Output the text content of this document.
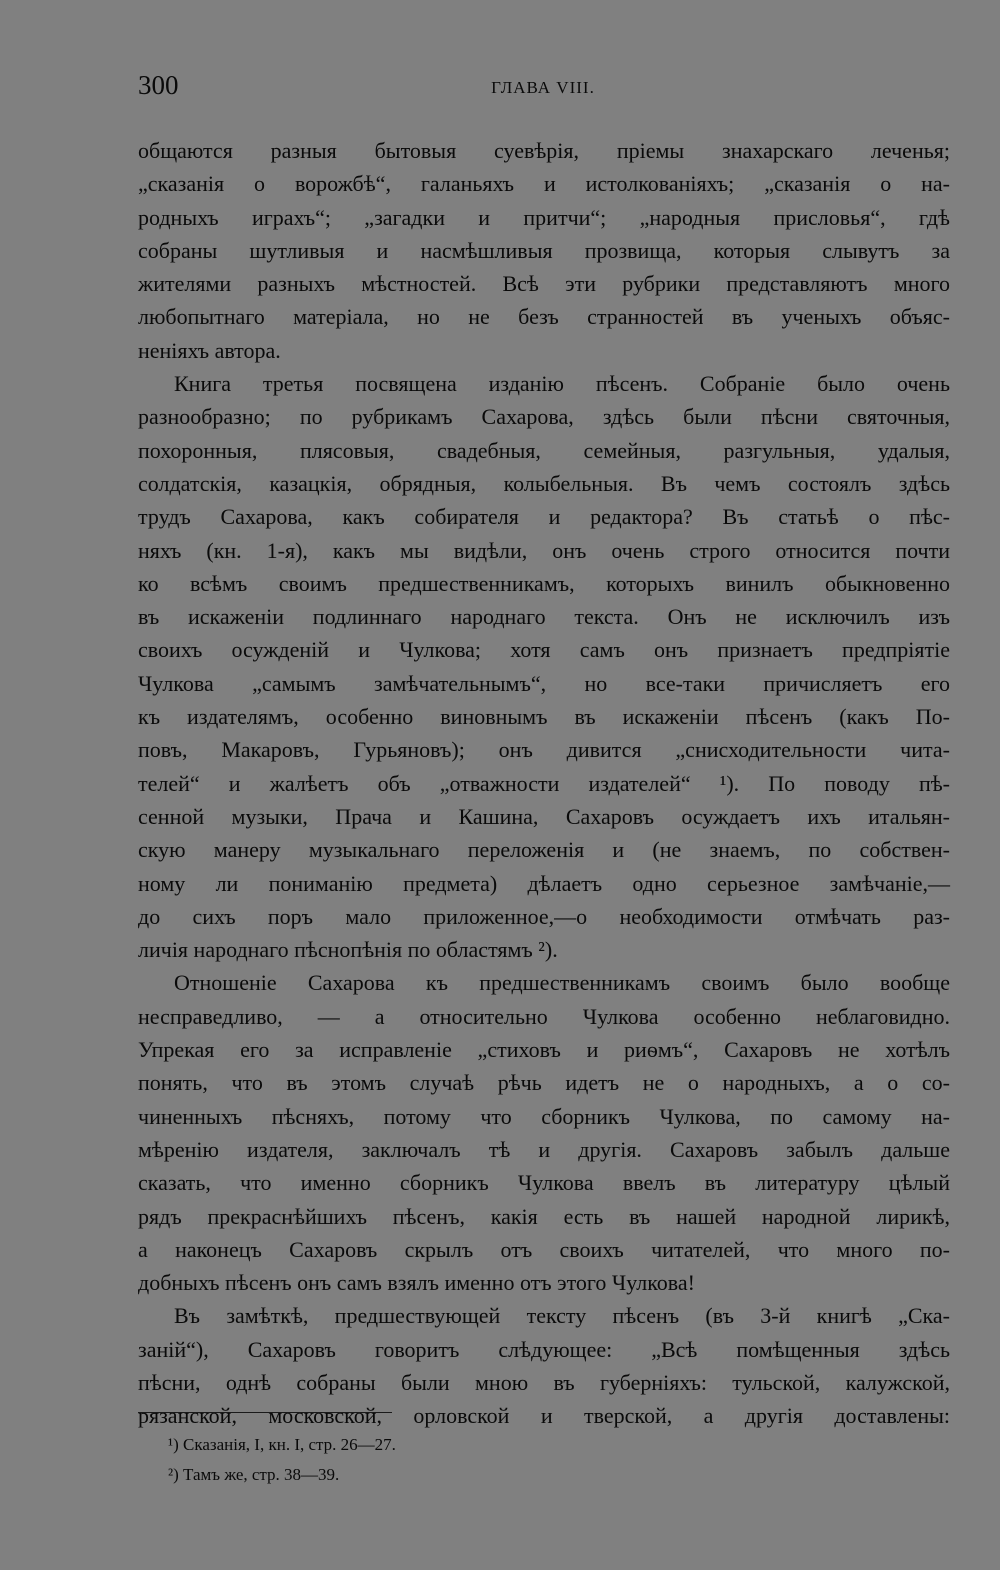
300	ГЛАВА VIII.
общаются разныя бытовыя суевѣрія, пріемы знахарскаго леченья;
„сказанія о ворожбѣ“, галаньяхъ и истолкованіяхъ; „сказанія о на-
родныхъ играхъ“; „загадки и притчи“; „народныя присловья“, гдѣ
собраны шутливыя и насмѣшливыя прозвища, которыя слывутъ за
жителями разныхъ мѣстностей. Всѣ эти рубрики представляютъ много
любопытнаго матеріала, но не безъ странностей въ ученыхъ объяс-
неніяхъ автора.
Книга третья посвящена изданію пѣсенъ. Собраніе было очень
разнообразно; по рубрикамъ Сахарова, здѣсь были пѣсни святочныя,
похоронныя, плясовыя, свадебныя, семейныя, разгульныя, удалыя,
солдатскія, казацкія, обрядныя, колыбельныя. Въ чемъ состоялъ здѣсь
трудъ Сахарова, какъ собирателя и редактора? Въ статьѣ о пѣс-
няхъ (кн. 1-я), какъ мы видѣли, онъ очень строго относится почти
ко всѣмъ своимъ предшественникамъ, которыхъ винилъ обыкновенно
въ искаженіи подлиннаго народнаго текста. Онъ не исключилъ изъ
своихъ осужденій и Чулкова; хотя самъ онъ признаетъ предпріятіе
Чулкова „самымъ замѣчательнымъ“, но все-таки причисляетъ его
къ издателямъ, особенно виновнымъ въ искаженіи пѣсенъ (какъ По-
повъ, Макаровъ, Гурьяновъ); онъ дивится „снисходительности чита-
телей“ и жалѣетъ объ „отважности издателей“ ¹). По поводу пѣ-
сенной музыки, Прача и Кашина, Сахаровъ осуждаетъ ихъ итальян-
скую манеру музыкальнаго переложенія и (не знаемъ, по собствен-
ному ли пониманію предмета) дѣлаетъ одно серьезное замѣчаніе,—
до сихъ поръ мало приложенное,—о необходимости отмѣчать раз-
личія народнаго пѣснопѣнія по областямъ ²).
Отношеніе Сахарова къ предшественникамъ своимъ было вообще
несправедливо, — а относительно Чулкова особенно неблаговидно.
Упрекая его за исправленіе „стиховъ и риѳмъ“, Сахаровъ не хотѣлъ
понять, что въ этомъ случаѣ рѣчь идетъ не о народныхъ, а о со-
чиненныхъ пѣсняхъ, потому что сборникъ Чулкова, по самому на-
мѣренію издателя, заключалъ тѣ и другія. Сахаровъ забылъ дальше
сказать, что именно сборникъ Чулкова ввелъ въ литературу цѣлый
рядъ прекраснѣйшихъ пѣсенъ, какія есть въ нашей народной лирикѣ,
а наконецъ Сахаровъ скрылъ отъ своихъ читателей, что много по-
добныхъ пѣсенъ онъ самъ взялъ именно отъ этого Чулкова!
Въ замѣткѣ, предшествующей тексту пѣсенъ (въ 3-й книгѣ „Ска-
заній“), Сахаровъ говоритъ слѣдующее: „Всѣ помѣщенныя здѣсь
пѣсни, однѣ собраны были мною въ губерніяхъ: тульской, калужской,
рязанской, московской, орловской и тверской, а другія доставлены:
¹) Сказанія, I, кн. I, стр. 26—27.
²) Тамъ же, стр. 38—39.
